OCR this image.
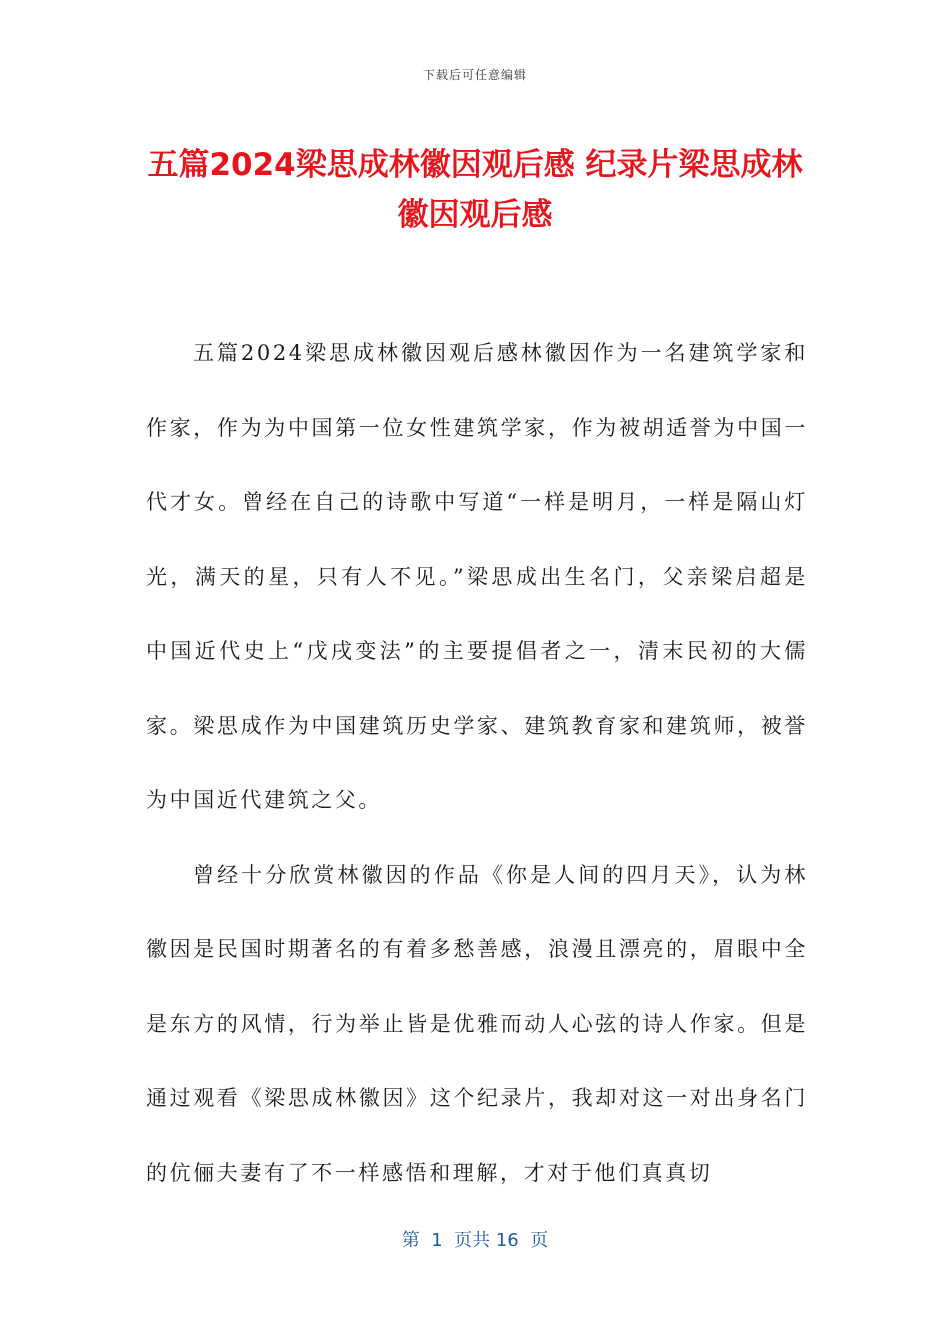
下载后可任意编辑
五篇2024梁思成林徽因观后感 纪录片梁思成林徽因观后感

五篇2024梁思成林徽因观后感林徽因作为一名建筑学家和作家，作为为中国第一位女性建筑学家，作为被胡适誉为中国一代才女。曾经在自己的诗歌中写道“一样是明月，一样是隔山灯光，满天的星，只有人不见。”梁思成出生名门，父亲梁启超是中国近代史上“戊戌变法”的主要提倡者之一，清末民初的大儒家。梁思成作为中国建筑历史学家、建筑教育家和建筑师，被誉为中国近代建筑之父。

曾经十分欣赏林徽因的作品《你是人间的四月天》，认为林徽因是民国时期著名的有着多愁善感，浪漫且漂亮的，眉眼中全是东方的风情，行为举止皆是优雅而动人心弦的诗人作家。但是通过观看《梁思成林徽因》这个纪录片，我却对这一对出身名门的伉俪夫妻有了不一样感悟和理解，才对于他们真真切

第  1  页共 16  页
